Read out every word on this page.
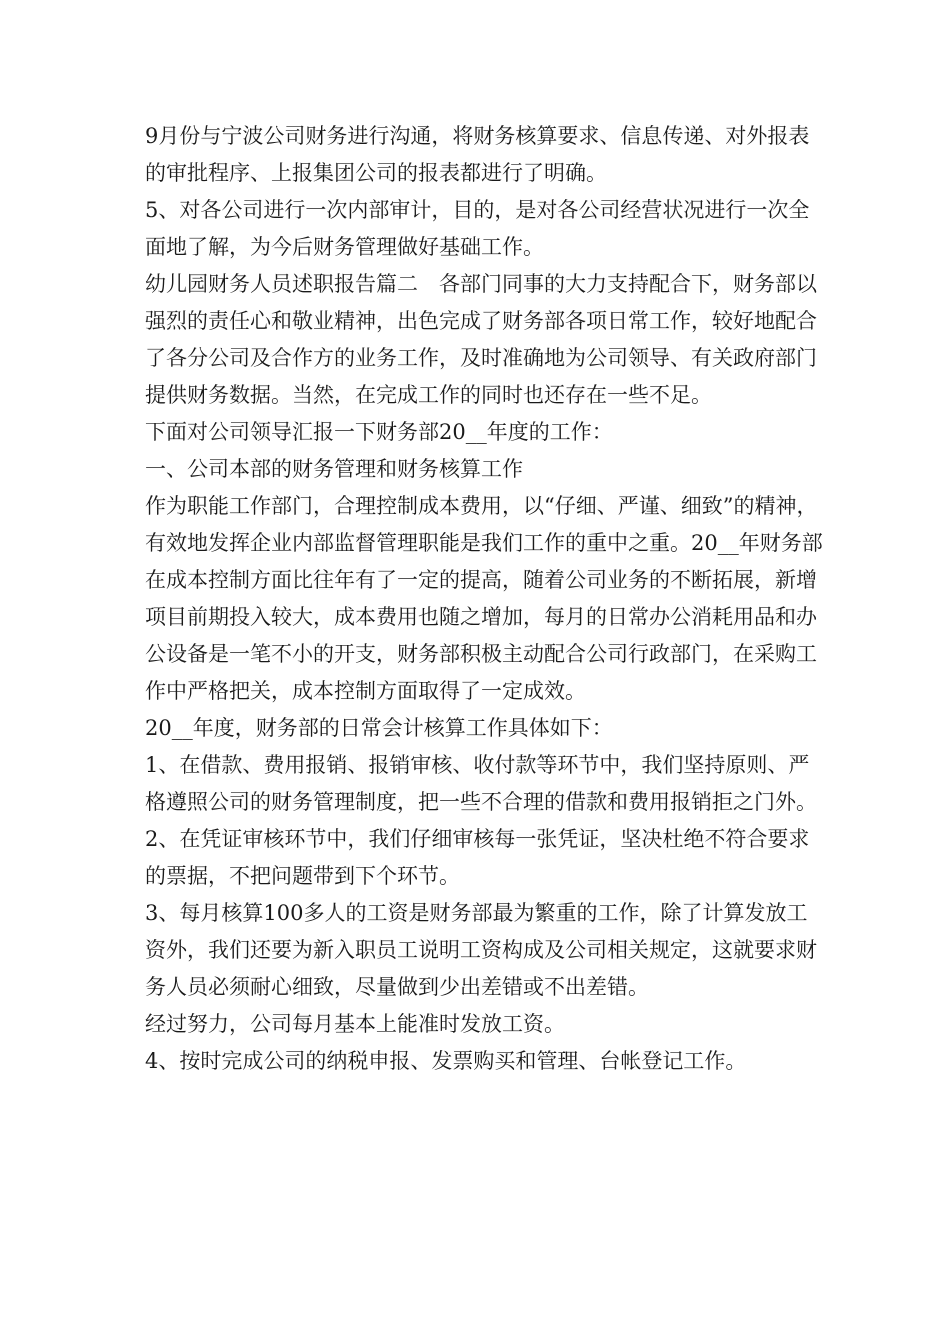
9月份与宁波公司财务进行沟通，将财务核算要求、信息传递、对外报表的审批程序、上报集团公司的报表都进行了明确。

5、对各公司进行一次内部审计，目的，是对各公司经营状况进行一次全面地了解，为今后财务管理做好基础工作。

幼儿园财务人员述职报告篇二　各部门同事的大力支持配合下，财务部以强烈的责任心和敬业精神，出色完成了财务部各项日常工作，较好地配合了各分公司及合作方的业务工作，及时准确地为公司领导、有关政府部门提供财务数据。当然，在完成工作的同时也还存在一些不足。

下面对公司领导汇报一下财务部20__年度的工作：

一、公司本部的财务管理和财务核算工作

作为职能工作部门，合理控制成本费用，以“仔细、严谨、细致”的精神，有效地发挥企业内部监督管理职能是我们工作的重中之重。20__年财务部在成本控制方面比往年有了一定的提高，随着公司业务的不断拓展，新增项目前期投入较大，成本费用也随之增加，每月的日常办公消耗用品和办公设备是一笔不小的开支，财务部积极主动配合公司行政部门，在采购工作中严格把关，成本控制方面取得了一定成效。

20__年度，财务部的日常会计核算工作具体如下：

1、在借款、费用报销、报销审核、收付款等环节中，我们坚持原则、严格遵照公司的财务管理制度，把一些不合理的借款和费用报销拒之门外。

2、在凭证审核环节中，我们仔细审核每一张凭证，坚决杜绝不符合要求的票据，不把问题带到下个环节。

3、每月核算100多人的工资是财务部最为繁重的工作，除了计算发放工资外，我们还要为新入职员工说明工资构成及公司相关规定，这就要求财务人员必须耐心细致，尽量做到少出差错或不出差错。

经过努力，公司每月基本上能准时发放工资。

4、按时完成公司的纳税申报、发票购买和管理、台帐登记工作。
